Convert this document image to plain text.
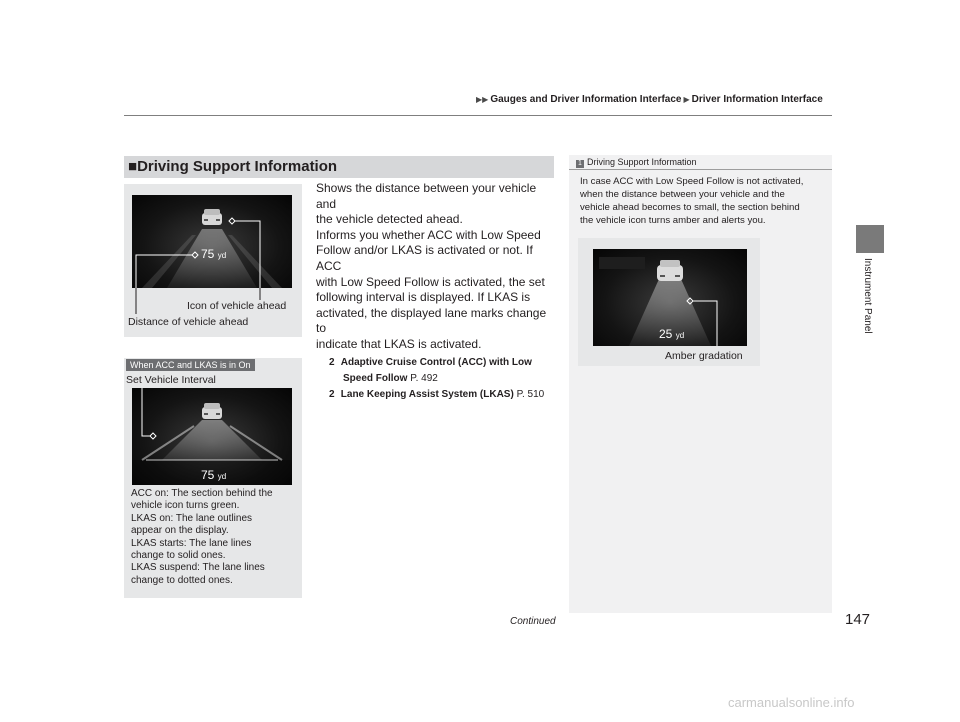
▶▶ Gauges and Driver Information Interface ▶ Driver Information Interface
Instrument Panel
■Driving Support Information
75 yd
Icon of vehicle ahead
Distance of vehicle ahead
When ACC and LKAS is in On
Set Vehicle Interval
75 yd
ACC on: The section behind the
vehicle icon turns green.
LKAS on: The lane outlines
appear on the display.
LKAS starts: The lane lines
change to solid ones.
LKAS suspend: The lane lines
change to dotted ones.
Shows the distance between your vehicle and
the vehicle detected ahead.
Informs you whether ACC with Low Speed
Follow and/or LKAS is activated or not. If ACC
with Low Speed Follow is activated, the set
following interval is displayed. If LKAS is
activated, the displayed lane marks change to
indicate that LKAS is activated.
2 Adaptive Cruise Control (ACC) with Low
Speed Follow P. 492
2 Lane Keeping Assist System (LKAS) P. 510
1 Driving Support Information
In case ACC with Low Speed Follow is not activated,
when the distance between your vehicle and the
vehicle ahead becomes to small, the section behind
the vehicle icon turns amber and alerts you.
25 yd
Amber gradation
Continued	147
carmanualsonline.info
